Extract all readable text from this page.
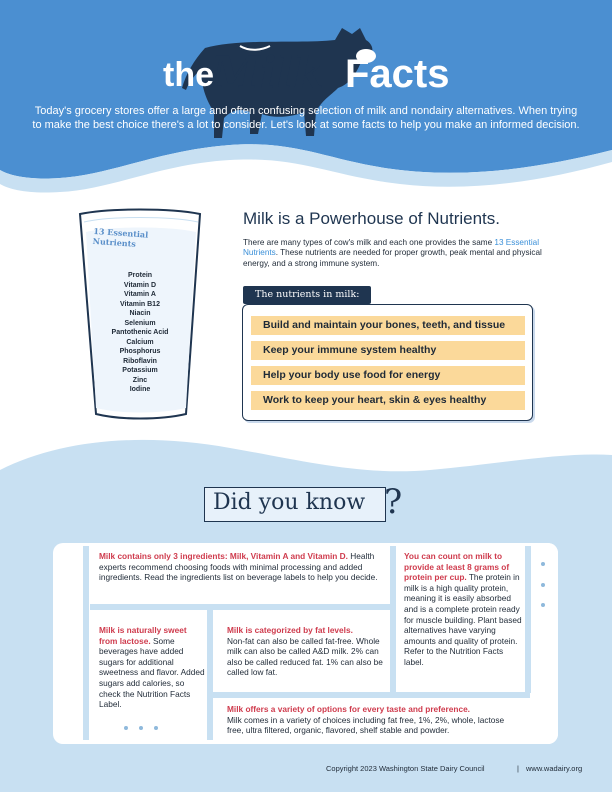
the
Milk Facts
Today's grocery stores offer a large and often confusing selection of milk and nondairy alternatives. When trying to make the best choice there's a lot to consider. Let's look at some facts to help you make an informed decision.
13 Essential Nutrients
Protein
Vitamin D
Vitamin A
Vitamin B12
Niacin
Selenium
Pantothenic Acid
Calcium
Phosphorus
Riboflavin
Potassium
Zinc
Iodine
Milk is a Powerhouse of Nutrients.
There are many types of cow's milk and each one provides the same 13 Essential Nutrients. These nutrients are needed for proper growth, peak mental and physical energy, and a strong immune system.
Build and maintain your bones, teeth, and tissue
Keep your immune system healthy
Help your body use food for energy
Work to keep your heart, skin & eyes healthy
The nutrients in milk:
Did you know ?
Milk contains only 3 ingredients: Milk, Vitamin A and Vitamin D. Health experts recommend choosing foods with minimal processing and added ingredients. Read the ingredients list on beverage labels to help you decide.
You can count on milk to provide at least 8 grams of protein per cup. The protein in milk is a high quality protein, meaning it is easily absorbed and is a complete protein ready for muscle building. Plant based alternatives have varying amounts and quality of protein. Refer to the Nutrition Facts label.
Milk is naturally sweet from lactose. Some beverages have added sugars for additional sweetness and flavor. Added sugars add calories, so check the Nutrition Facts Label.
Milk is categorized by fat levels.
Non-fat can also be called fat-free. Whole milk can also be called A&D milk. 2% can also be called reduced fat. 1% can also be called low fat.
Milk offers a variety of options for every taste and preference.
Milk comes in a variety of choices including fat free, 1%, 2%, whole, lactose free, ultra filtered, organic, flavored, shelf stable and powder.
Copyright 2023 Washington State Dairy Council	| www.wadairy.org
